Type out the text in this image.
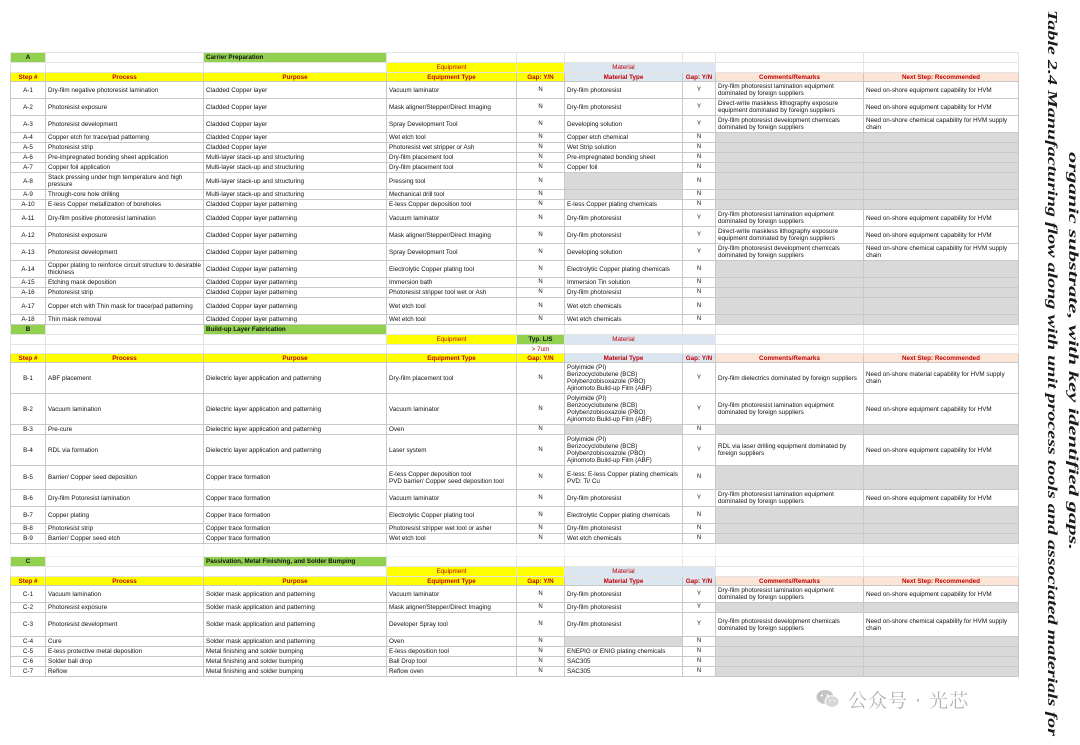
A		Carrier Preparation						
			Equipment		Material			
Step #	Process	Purpose	Equipment Type	Gap: Y/N	Material Type	Gap: Y/N	Comments/Remarks	Next Step: Recommended
A-1	Dry-film negative photoresist lamination	Cladded Copper layer	Vacuum laminator	N	Dry-film photoresist	Y	Dry-film photoresist lamination equipment dominated by foreign suppliers	Need on-shore equipment capability for HVM
A-2	Photoresist exposure	Cladded Copper layer	Mask aligner/Stepper/Direct Imaging	N	Dry-film photoresist	Y	Direct-write maskless lithography exposure equipment dominated by foreign suppliers	Need on-shore equipment capability for HVM
A-3	Photoresist development	Cladded Copper layer	Spray Development Tool	N	Developing solution	Y	Dry-film photoresist development chemicals dominated by foreign suppliers	Need on-shore chemical capability for HVM supply chain
A-4	Copper etch for trace/pad patterning	Cladded Copper layer	Wet etch tool	N	Copper etch chemical	N		
A-5	Photoresist strip	Cladded Copper layer	Photoresist wet stripper or Ash	N	Wet Strip solution	N		
A-6	Pre-impregnated bonding sheet application	Multi-layer stack-up and structuring	Dry-film placement tool	N	Pre-impregnated bonding sheet	N		
A-7	Copper foil application	Multi-layer stack-up and structuring	Dry-film placement tool	N	Copper foil	N		
A-8	Stack pressing under high temperature and high pressure	Multi-layer stack-up and structuring	Pressing tool	N		N		
A-9	Through-core hole drilling	Multi-layer stack-up and structuring	Mechanical drill tool	N		N		
A-10	E-less Copper metallization of boreholes	Cladded Copper layer patterning	E-less Copper deposition tool	N	E-less Copper plating chemicals	N		
A-11	Dry-film positive photoresist lamination	Cladded Copper layer patterning	Vacuum laminator	N	Dry-film photoresist	Y	Dry-film photoresist lamination equipment dominated by foreign suppliers	Need on-shore equipment capability for HVM
A-12	Photoresist exposure	Cladded Copper layer patterning	Mask aligner/Stepper/Direct Imaging	N	Dry-film photoresist	Y	Direct-write maskless lithography exposure equipment dominated by foreign suppliers	Need on-shore equipment capability for HVM
A-13	Photoresist development	Cladded Copper layer patterning	Spray Development Tool	N	Developing solution	Y	Dry-film photoresist development chemicals dominated by foreign suppliers	Need on-shore chemical capability for HVM supply chain
A-14	Copper plating to reinforce circuit structure to desirable thickness	Cladded Copper layer patterning	Electrolytic Copper plating tool	N	Electrolytic Copper plating chemicals	N		
A-15	Etching mask deposition	Cladded Copper layer patterning	Immersion bath	N	Immersion Tin solution	N		
A-16	Photoresist strip	Cladded Copper layer patterning	Photoresist stripper tool wet or Ash	N	Dry-film photoresist	N		
A-17	Copper etch with Thin mask for trace/pad patterning	Cladded Copper layer patterning	Wet etch tool	N	Wet etch chemicals	N		
A-18	Thin mask removal	Cladded Copper layer patterning	Wet etch tool	N	Wet etch chemicals	N		
B		Build-up Layer Fabrication						
			Equipment	Typ. L/S	Material			
				> 7um				
Step #	Process	Purpose	Equipment Type	Gap: Y/N	Material Type	Gap: Y/N	Comments/Remarks	Next Step: Recommended
B-1	ABF placement	Dielectric layer application and patterning	Dry-film placement tool	N	Polyimide (PI)
Benzocyclobutene (BCB)
Polybenzobisoxazole (PBO)
Ajinomoto Build-up Film (ABF)	Y	Dry-film dielectrics dominated by foreign suppliers	Need on-shore material capability for HVM supply chain
B-2	Vacuum lamination	Dielectric layer application and patterning	Vacuum laminator	N	Polyimide (PI)
Benzocyclobutene (BCB)
Polybenzobisoxazole (PBO)
Ajinomoto Build-up Film (ABF)	Y	Dry-film photoresist lamination equipment dominated by foreign suppliers	Need on-shore equipment capability for HVM
B-3	Pre-cure	Dielectric layer application and patterning	Oven	N		N		
B-4	RDL via formation	Dielectric layer application and patterning	Laser system	N	Polyimide (PI)
Benzocyclobutene (BCB)
Polybenzobisoxazole (PBO)
Ajinomoto Build-up Film (ABF)	Y	RDL via laser drilling equipment dominated by foreign suppliers	Need on-shore equipment capability for HVM
B-5	Barrier/ Copper seed deposition	Copper trace formation	E-less Copper deposition tool
PVD barrier/ Copper seed deposition tool	N	E-less: E-less Copper plating chemicals
PVD: Ti/ Cu	N		
B-6	Dry-film Potoresist lamination	Copper trace formation	Vacuum laminator	N	Dry-film photoresist	Y	Dry-film photoresist lamination equipment dominated by foreign suppliers	Need on-shore equipment capability for HVM
B-7	Copper plating	Copper trace formation	Electrolytic Copper plating tool	N	Electrolytic Copper plating chemicals	N		
B-8	Photoresist strip	Copper trace formation	Photoresist stripper wet tool or asher	N	Dry-film photoresist	N		
B-9	Barrier/ Copper seed etch	Copper trace formation	Wet etch tool	N	Wet etch chemicals	N		

C		Passivation, Metal Finishing, and Solder Bumping						
			Equipment		Material			
Step #	Process	Purpose	Equipment Type	Gap: Y/N	Material Type	Gap: Y/N	Comments/Remarks	Next Step: Recommended
C-1	Vacuum lamination	Solder mask application and patterning	Vacuum laminator	N	Dry-film photoresist	Y	Dry-film photoresist lamination equipment dominated by foreign suppliers	Need on-shore equipment capability for HVM
C-2	Photoresist exposure	Solder mask application and patterning	Mask aligner/Stepper/Direct Imaging	N	Dry-film photoresist	Y		
C-3	Photoresist development	Solder mask application and patterning	Developer Spray tool	N	Dry-film photoresist	Y	Dry-film photoresist development chemicals dominated by foreign suppliers	Need on-shore chemical capability for HVM supply chain
C-4	Cure	Solder mask application and patterning	Oven	N		N		
C-5	E-less protective metal deposition	Metal finishing and solder bumping	E-less deposition tool	N	ENEPIG or ENIG plating chemicals	N		
C-6	Solder ball drop	Metal finishing and solder bumping	Ball Drop tool	N	SAC305	N		
C-7	Reflow	Metal finishing and solder bumping	Reflow oven	N	SAC305	N		
Table 2.4 Manufacturing flow along with unit process tools and associated materials for organic substrate, with key identified gaps.
公众号 · 光芯
